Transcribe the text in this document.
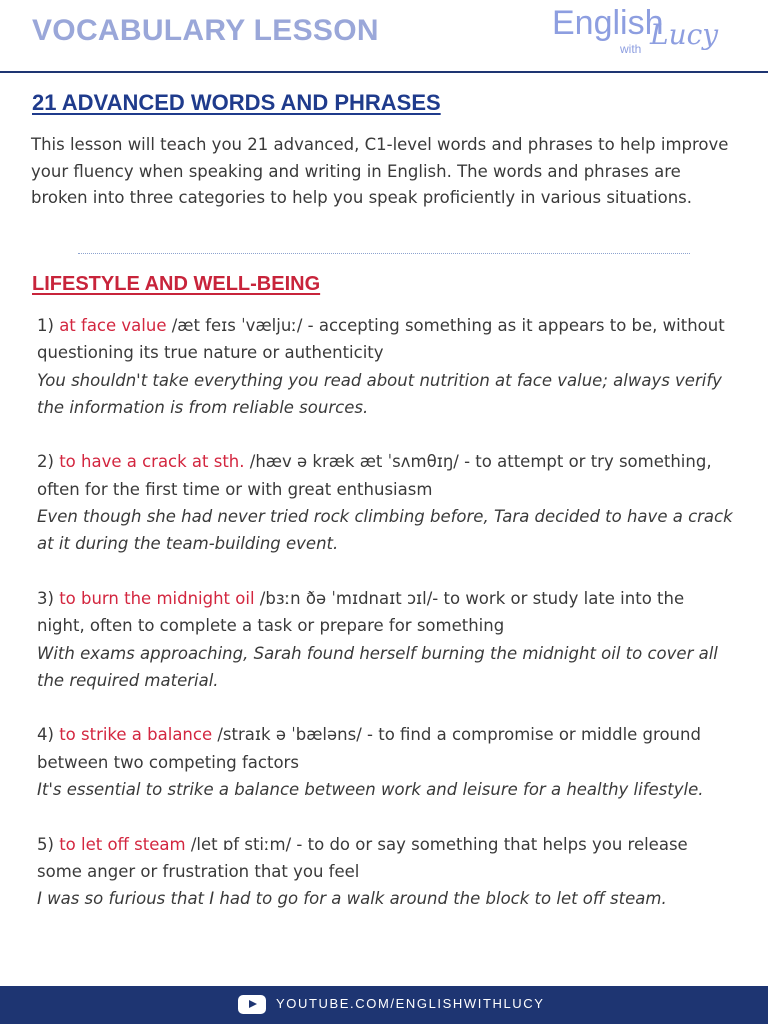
VOCABULARY LESSON	English
with Lucy
21 ADVANCED WORDS AND PHRASES

This lesson will teach you 21 advanced, C1-level words and phrases to help improve your fluency when speaking and writing in English. The words and phrases are broken into three categories to help you speak proficiently in various situations.

LIFESTYLE AND WELL-BEING
1) at face value /æt feɪs ˈvæljuː/ - accepting something as it appears to be, without questioning its true nature or authenticity
You shouldn't take everything you read about nutrition at face value; always verify the information is from reliable sources.
2) to have a crack at sth. /hæv ə kræk æt ˈsʌmθɪŋ/ - to attempt or try something, often for the first time or with great enthusiasm
Even though she had never tried rock climbing before, Tara decided to have a crack at it during the team-building event.
3) to burn the midnight oil /bɜːn ðə ˈmɪdnaɪt ɔɪl/- to work or study late into the night, often to complete a task or prepare for something
With exams approaching, Sarah found herself burning the midnight oil to cover all the required material.
4) to strike a balance /straɪk ə ˈbæləns/ - to find a compromise or middle ground between two competing factors
It's essential to strike a balance between work and leisure for a healthy lifestyle.
5) to let off steam /let ɒf stiːm/ - to do or say something that helps you release some anger or frustration that you feel
I was so furious that I had to go for a walk around the block to let off steam.
YOUTUBE.COM/ENGLISHWITHLUCY
